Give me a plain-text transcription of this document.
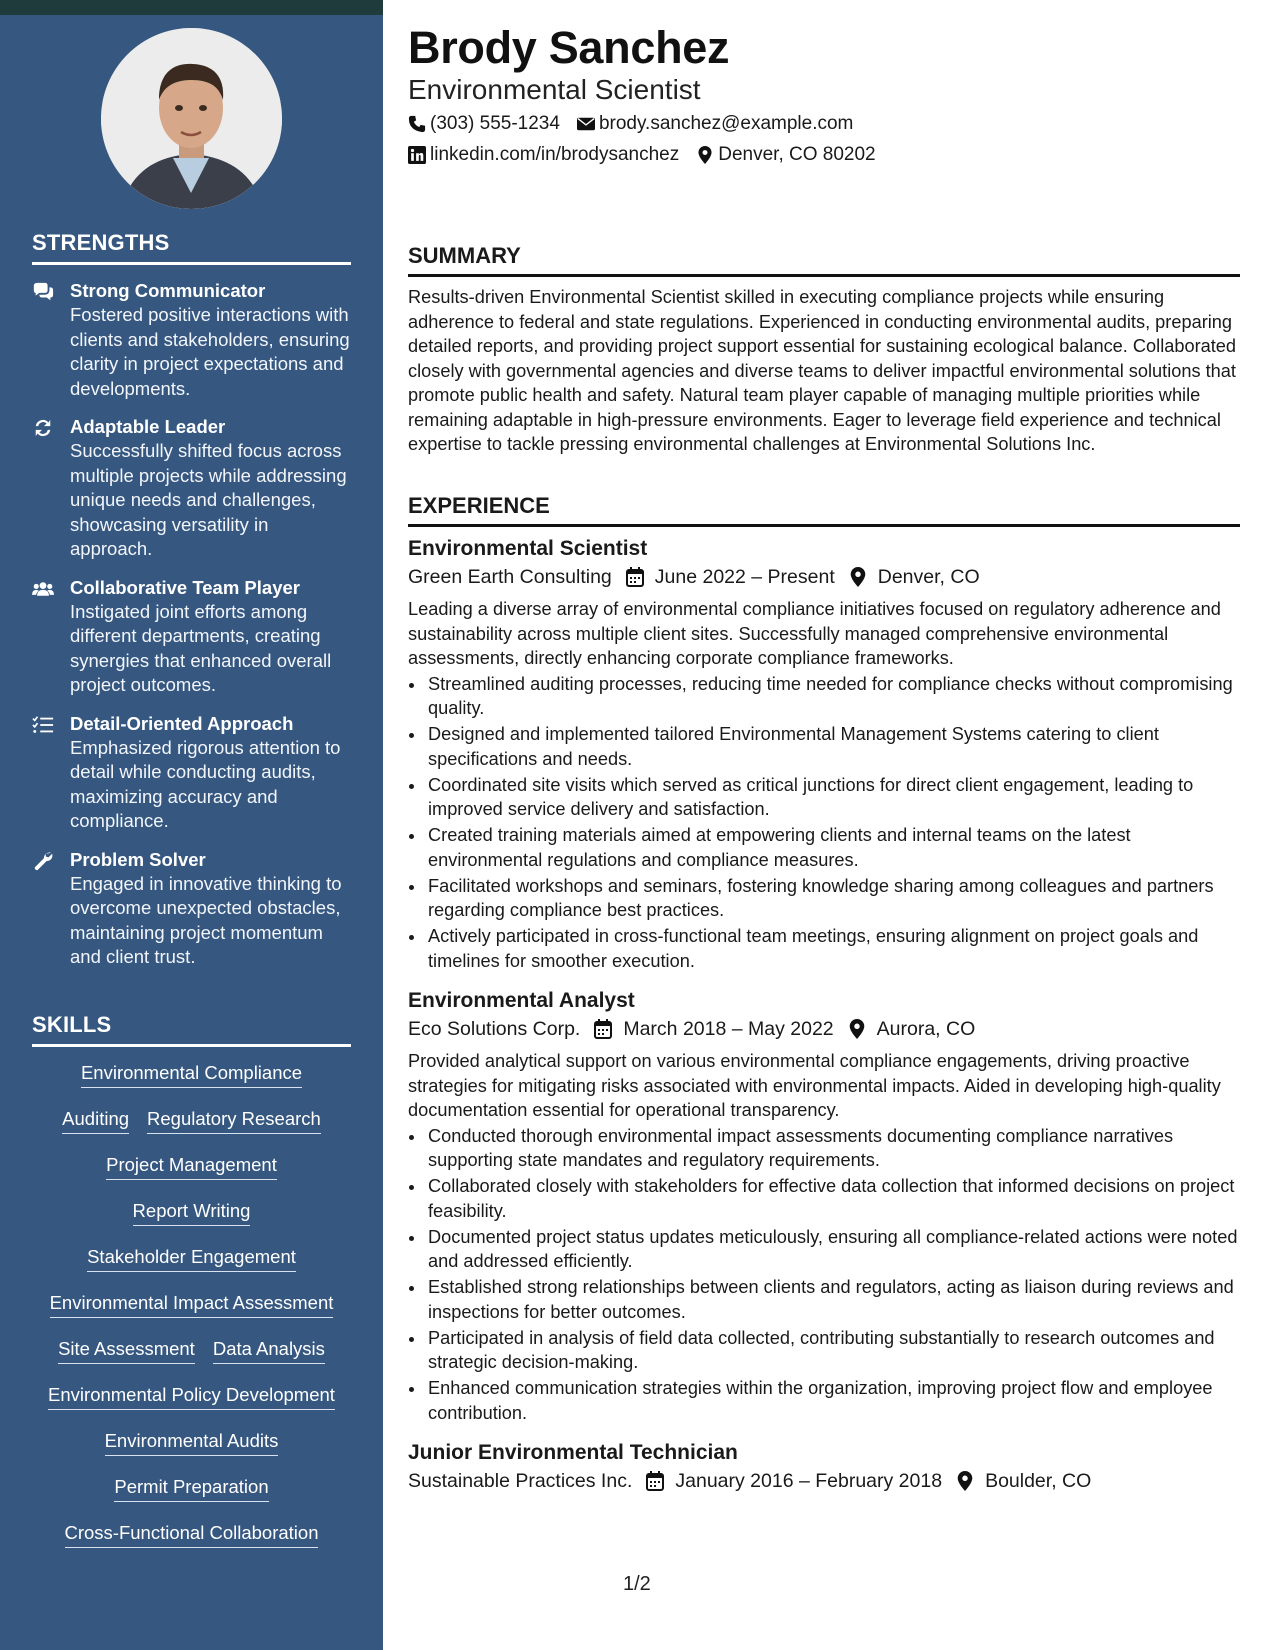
STRENGTHS
Strong Communicator
Fostered positive interactions with clients and stakeholders, ensuring clarity in project expectations and developments.
Adaptable Leader
Successfully shifted focus across multiple projects while addressing unique needs and challenges, showcasing versatility in approach.
Collaborative Team Player
Instigated joint efforts among different departments, creating synergies that enhanced overall project outcomes.
Detail-Oriented Approach
Emphasized rigorous attention to detail while conducting audits, maximizing accuracy and compliance.
Problem Solver
Engaged in innovative thinking to overcome unexpected obstacles, maintaining project momentum and client trust.
SKILLS
Environmental Compliance
Auditing Regulatory Research
Project Management
Report Writing
Stakeholder Engagement
Environmental Impact Assessment
Site Assessment Data Analysis
Environmental Policy Development
Environmental Audits
Permit Preparation
Cross-Functional Collaboration
Brody Sanchez
Environmental Scientist
(303) 555-1234 brody.sanchez@example.com
linkedin.com/in/brodysanchez Denver, CO 80202
SUMMARY
Results-driven Environmental Scientist skilled in executing compliance projects while ensuring adherence to federal and state regulations. Experienced in conducting environmental audits, preparing detailed reports, and providing project support essential for sustaining ecological balance. Collaborated closely with governmental agencies and diverse teams to deliver impactful environmental solutions that promote public health and safety. Natural team player capable of managing multiple priorities while remaining adaptable in high-pressure environments. Eager to leverage field experience and technical expertise to tackle pressing environmental challenges at Environmental Solutions Inc.
EXPERIENCE
Environmental Scientist
Green Earth Consulting June 2022 – Present Denver, CO
Leading a diverse array of environmental compliance initiatives focused on regulatory adherence and sustainability across multiple client sites. Successfully managed comprehensive environmental assessments, directly enhancing corporate compliance frameworks.
• Streamlined auditing processes, reducing time needed for compliance checks without compromising quality.
• Designed and implemented tailored Environmental Management Systems catering to client specifications and needs.
• Coordinated site visits which served as critical junctions for direct client engagement, leading to improved service delivery and satisfaction.
• Created training materials aimed at empowering clients and internal teams on the latest environmental regulations and compliance measures.
• Facilitated workshops and seminars, fostering knowledge sharing among colleagues and partners regarding compliance best practices.
• Actively participated in cross-functional team meetings, ensuring alignment on project goals and timelines for smoother execution.
Environmental Analyst
Eco Solutions Corp. March 2018 – May 2022 Aurora, CO
Provided analytical support on various environmental compliance engagements, driving proactive strategies for mitigating risks associated with environmental impacts. Aided in developing high-quality documentation essential for operational transparency.
• Conducted thorough environmental impact assessments documenting compliance narratives supporting state mandates and regulatory requirements.
• Collaborated closely with stakeholders for effective data collection that informed decisions on project feasibility.
• Documented project status updates meticulously, ensuring all compliance-related actions were noted and addressed efficiently.
• Established strong relationships between clients and regulators, acting as liaison during reviews and inspections for better outcomes.
• Participated in analysis of field data collected, contributing substantially to research outcomes and strategic decision-making.
• Enhanced communication strategies within the organization, improving project flow and employee contribution.
Junior Environmental Technician
Sustainable Practices Inc. January 2016 – February 2018 Boulder, CO
1/2
